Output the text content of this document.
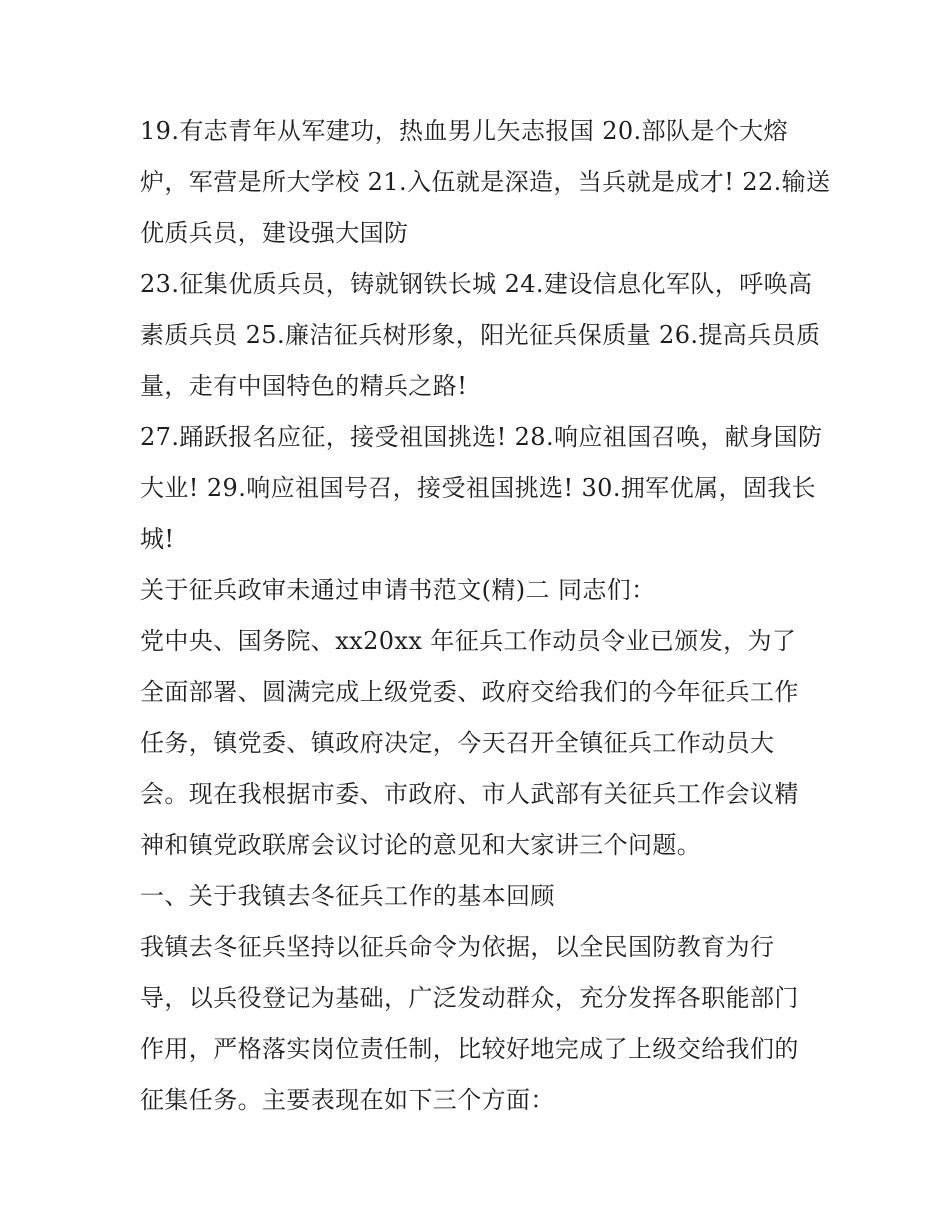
19.有志青年从军建功，热血男儿矢志报国 20.部队是个大熔
炉，军营是所大学校 21.入伍就是深造，当兵就是成才! 22.输送
优质兵员，建设强大国防
23.征集优质兵员，铸就钢铁长城 24.建设信息化军队，呼唤高
素质兵员 25.廉洁征兵树形象，阳光征兵保质量 26.提高兵员质
量，走有中国特色的精兵之路!
27.踊跃报名应征，接受祖国挑选! 28.响应祖国召唤，献身国防
大业! 29.响应祖国号召，接受祖国挑选! 30.拥军优属，固我长
城!
关于征兵政审未通过申请书范文(精)二 同志们：
党中央、国务院、xx20xx 年征兵工作动员令业已颁发，为了
全面部署、圆满完成上级党委、政府交给我们的今年征兵工作
任务，镇党委、镇政府决定，今天召开全镇征兵工作动员大
会。现在我根据市委、市政府、市人武部有关征兵工作会议精
神和镇党政联席会议讨论的意见和大家讲三个问题。
一、关于我镇去冬征兵工作的基本回顾
我镇去冬征兵坚持以征兵命令为依据，以全民国防教育为行
导，以兵役登记为基础，广泛发动群众，充分发挥各职能部门
作用，严格落实岗位责任制，比较好地完成了上级交给我们的
征集任务。主要表现在如下三个方面：
